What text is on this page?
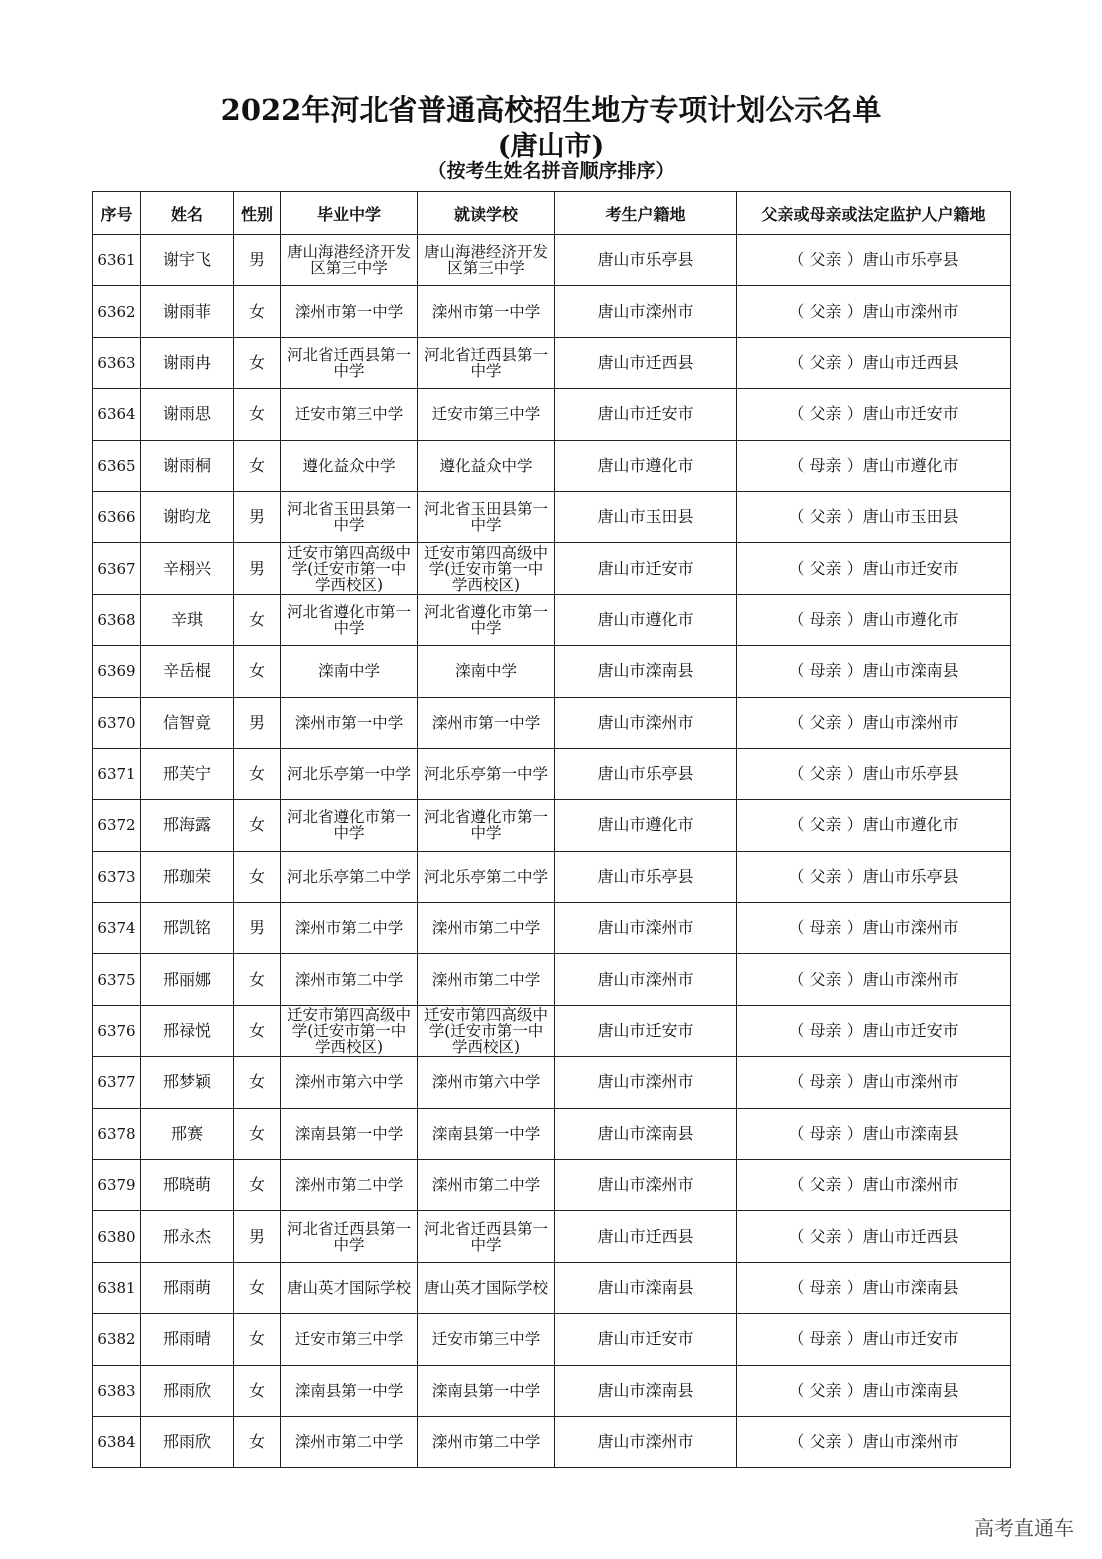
2022年河北省普通高校招生地方专项计划公示名单
(唐山市)
（按考生姓名拼音顺序排序）
序号	姓名	性别	毕业中学	就读学校	考生户籍地	父亲或母亲或法定监护人户籍地
6361	谢宇飞	男	唐山海港经济开发区第三中学	唐山海港经济开发区第三中学	唐山市乐亭县	（ 父亲 ）唐山市乐亭县
6362	谢雨菲	女	滦州市第一中学	滦州市第一中学	唐山市滦州市	（ 父亲 ）唐山市滦州市
6363	谢雨冉	女	河北省迁西县第一中学	河北省迁西县第一中学	唐山市迁西县	（ 父亲 ）唐山市迁西县
6364	谢雨思	女	迁安市第三中学	迁安市第三中学	唐山市迁安市	（ 父亲 ）唐山市迁安市
6365	谢雨桐	女	遵化益众中学	遵化益众中学	唐山市遵化市	（ 母亲 ）唐山市遵化市
6366	谢昀龙	男	河北省玉田县第一中学	河北省玉田县第一中学	唐山市玉田县	（ 父亲 ）唐山市玉田县
6367	辛栩兴	男	迁安市第四高级中学(迁安市第一中学西校区)	迁安市第四高级中学(迁安市第一中学西校区)	唐山市迁安市	（ 父亲 ）唐山市迁安市
6368	辛琪	女	河北省遵化市第一中学	河北省遵化市第一中学	唐山市遵化市	（ 母亲 ）唐山市遵化市
6369	辛岳棍	女	滦南中学	滦南中学	唐山市滦南县	（ 母亲 ）唐山市滦南县
6370	信智竟	男	滦州市第一中学	滦州市第一中学	唐山市滦州市	（ 父亲 ）唐山市滦州市
6371	邢芙宁	女	河北乐亭第一中学	河北乐亭第一中学	唐山市乐亭县	（ 父亲 ）唐山市乐亭县
6372	邢海露	女	河北省遵化市第一中学	河北省遵化市第一中学	唐山市遵化市	（ 父亲 ）唐山市遵化市
6373	邢珈荣	女	河北乐亭第二中学	河北乐亭第二中学	唐山市乐亭县	（ 父亲 ）唐山市乐亭县
6374	邢凯铭	男	滦州市第二中学	滦州市第二中学	唐山市滦州市	（ 母亲 ）唐山市滦州市
6375	邢丽娜	女	滦州市第二中学	滦州市第二中学	唐山市滦州市	（ 父亲 ）唐山市滦州市
6376	邢禄悦	女	迁安市第四高级中学(迁安市第一中学西校区)	迁安市第四高级中学(迁安市第一中学西校区)	唐山市迁安市	（ 母亲 ）唐山市迁安市
6377	邢梦颖	女	滦州市第六中学	滦州市第六中学	唐山市滦州市	（ 母亲 ）唐山市滦州市
6378	邢赛	女	滦南县第一中学	滦南县第一中学	唐山市滦南县	（ 母亲 ）唐山市滦南县
6379	邢晓萌	女	滦州市第二中学	滦州市第二中学	唐山市滦州市	（ 父亲 ）唐山市滦州市
6380	邢永杰	男	河北省迁西县第一中学	河北省迁西县第一中学	唐山市迁西县	（ 父亲 ）唐山市迁西县
6381	邢雨萌	女	唐山英才国际学校	唐山英才国际学校	唐山市滦南县	（ 母亲 ）唐山市滦南县
6382	邢雨晴	女	迁安市第三中学	迁安市第三中学	唐山市迁安市	（ 母亲 ）唐山市迁安市
6383	邢雨欣	女	滦南县第一中学	滦南县第一中学	唐山市滦南县	（ 父亲 ）唐山市滦南县
6384	邢雨欣	女	滦州市第二中学	滦州市第二中学	唐山市滦州市	（ 父亲 ）唐山市滦州市
高考直通车
